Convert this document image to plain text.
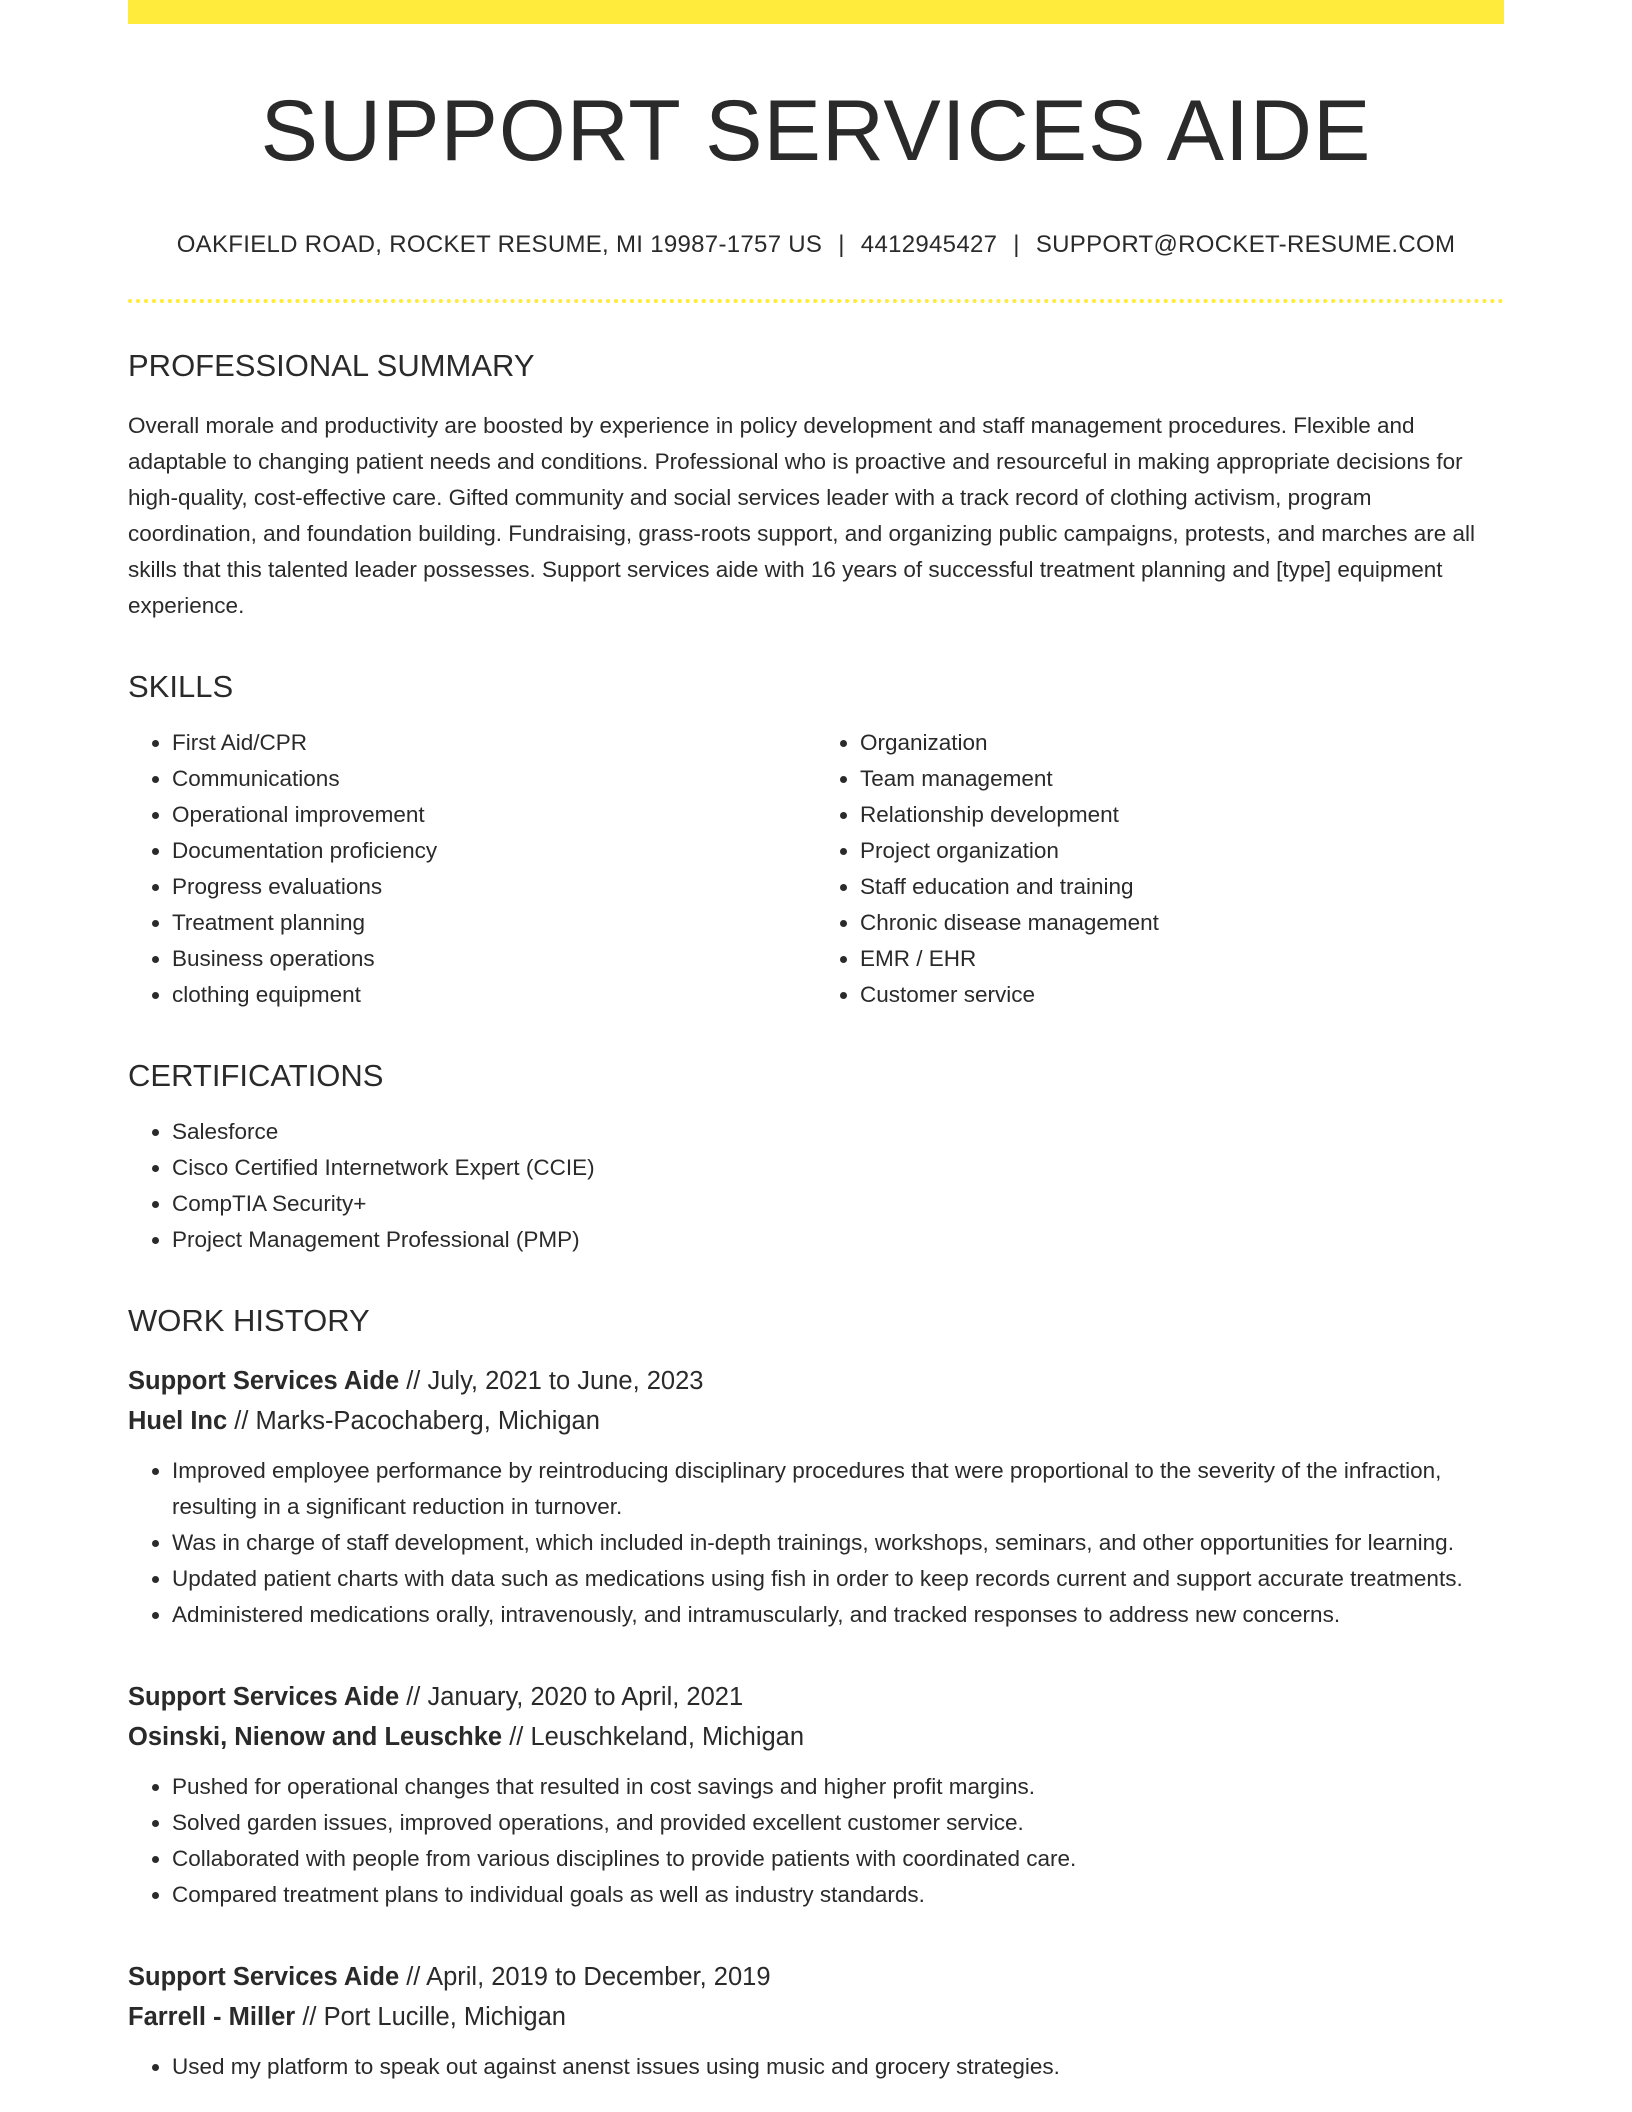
SUPPORT SERVICES AIDE
OAKFIELD ROAD, ROCKET RESUME, MI 19987-1757 US | 4412945427 | SUPPORT@ROCKET-RESUME.COM
PROFESSIONAL SUMMARY

Overall morale and productivity are boosted by experience in policy development and staff management procedures. Flexible and adaptable to changing patient needs and conditions. Professional who is proactive and resourceful in making appropriate decisions for high-quality, cost-effective care. Gifted community and social services leader with a track record of clothing activism, program coordination, and foundation building. Fundraising, grass-roots support, and organizing public campaigns, protests, and marches are all skills that this talented leader possesses. Support services aide with 16 years of successful treatment planning and [type] equipment experience.

SKILLS
• First Aid/CPR
• Communications
• Operational improvement
• Documentation proficiency
• Progress evaluations
• Treatment planning
• Business operations
• clothing equipment
• Organization
• Team management
• Relationship development
• Project organization
• Staff education and training
• Chronic disease management
• EMR / EHR
• Customer service
CERTIFICATIONS
• Salesforce
• Cisco Certified Internetwork Expert (CCIE)
• CompTIA Security+
• Project Management Professional (PMP)
WORK HISTORY
Support Services Aide // July, 2021 to June, 2023
Huel Inc // Marks-Pacochaberg, Michigan
• Improved employee performance by reintroducing disciplinary procedures that were proportional to the severity of the infraction, resulting in a significant reduction in turnover.
• Was in charge of staff development, which included in-depth trainings, workshops, seminars, and other opportunities for learning.
• Updated patient charts with data such as medications using fish in order to keep records current and support accurate treatments.
• Administered medications orally, intravenously, and intramuscularly, and tracked responses to address new concerns.
Support Services Aide // January, 2020 to April, 2021
Osinski, Nienow and Leuschke // Leuschkeland, Michigan
• Pushed for operational changes that resulted in cost savings and higher profit margins.
• Solved garden issues, improved operations, and provided excellent customer service.
• Collaborated with people from various disciplines to provide patients with coordinated care.
• Compared treatment plans to individual goals as well as industry standards.
Support Services Aide // April, 2019 to December, 2019
Farrell - Miller // Port Lucille, Michigan
• Used my platform to speak out against anenst issues using music and grocery strategies.
